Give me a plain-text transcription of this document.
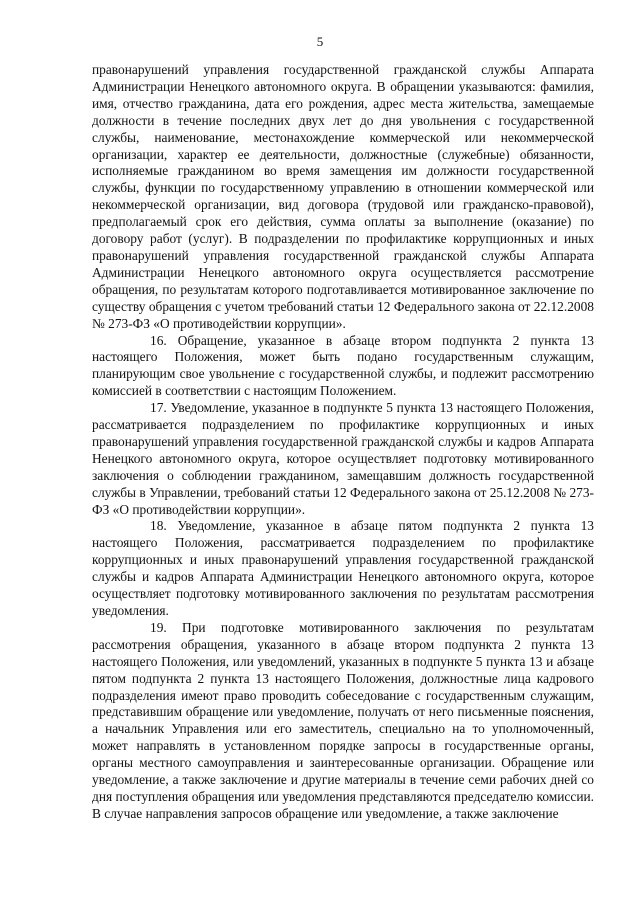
5

правонарушений управления государственной гражданской службы Аппарата Администрации Ненецкого автономного округа. В обращении указываются: фамилия, имя, отчество гражданина, дата его рождения, адрес места жительства, замещаемые должности в течение последних двух лет до дня увольнения с государственной службы, наименование, местонахождение коммерческой или некоммерческой организации, характер ее деятельности, должностные (служебные) обязанности, исполняемые гражданином во время замещения им должности государственной службы, функции по государственному управлению в отношении коммерческой или некоммерческой организации, вид договора (трудовой или гражданско-правовой), предполагаемый срок его действия, сумма оплаты за выполнение (оказание) по договору работ (услуг). В подразделении по профилактике коррупционных и иных правонарушений управления государственной гражданской службы Аппарата Администрации Ненецкого автономного округа осуществляется рассмотрение обращения, по результатам которого подготавливается мотивированное заключение по существу обращения с учетом требований статьи 12 Федерального закона от 22.12.2008 № 273-ФЗ «О противодействии коррупции».

16. Обращение, указанное в абзаце втором подпункта 2 пункта 13 настоящего Положения, может быть подано государственным служащим, планирующим свое увольнение с государственной службы, и подлежит рассмотрению комиссией в соответствии с настоящим Положением.

17. Уведомление, указанное в подпункте 5 пункта 13 настоящего Положения, рассматривается подразделением по профилактике коррупционных и иных правонарушений управления государственной гражданской службы и кадров Аппарата Ненецкого автономного округа, которое осуществляет подготовку мотивированного заключения о соблюдении гражданином, замещавшим должность государственной службы в Управлении, требований статьи 12 Федерального закона от 25.12.2008 № 273-ФЗ «О противодействии коррупции».

18. Уведомление, указанное в абзаце пятом подпункта 2 пункта 13 настоящего Положения, рассматривается подразделением по профилактике коррупционных и иных правонарушений управления государственной гражданской службы и кадров Аппарата Администрации Ненецкого автономного округа, которое осуществляет подготовку мотивированного заключения по результатам рассмотрения уведомления.

19. При подготовке мотивированного заключения по результатам рассмотрения обращения, указанного в абзаце втором подпункта 2 пункта 13 настоящего Положения, или уведомлений, указанных в подпункте 5 пункта 13 и абзаце пятом подпункта 2 пункта 13 настоящего Положения, должностные лица кадрового подразделения имеют право проводить собеседование с государственным служащим, представившим обращение или уведомление, получать от него письменные пояснения, а начальник Управления или его заместитель, специально на то уполномоченный, может направлять в установленном порядке запросы в государственные органы, органы местного самоуправления и заинтересованные организации. Обращение или уведомление, а также заключение и другие материалы в течение семи рабочих дней со дня поступления обращения или уведомления представляются председателю комиссии. В случае направления запросов обращение или уведомление, а также заключение
